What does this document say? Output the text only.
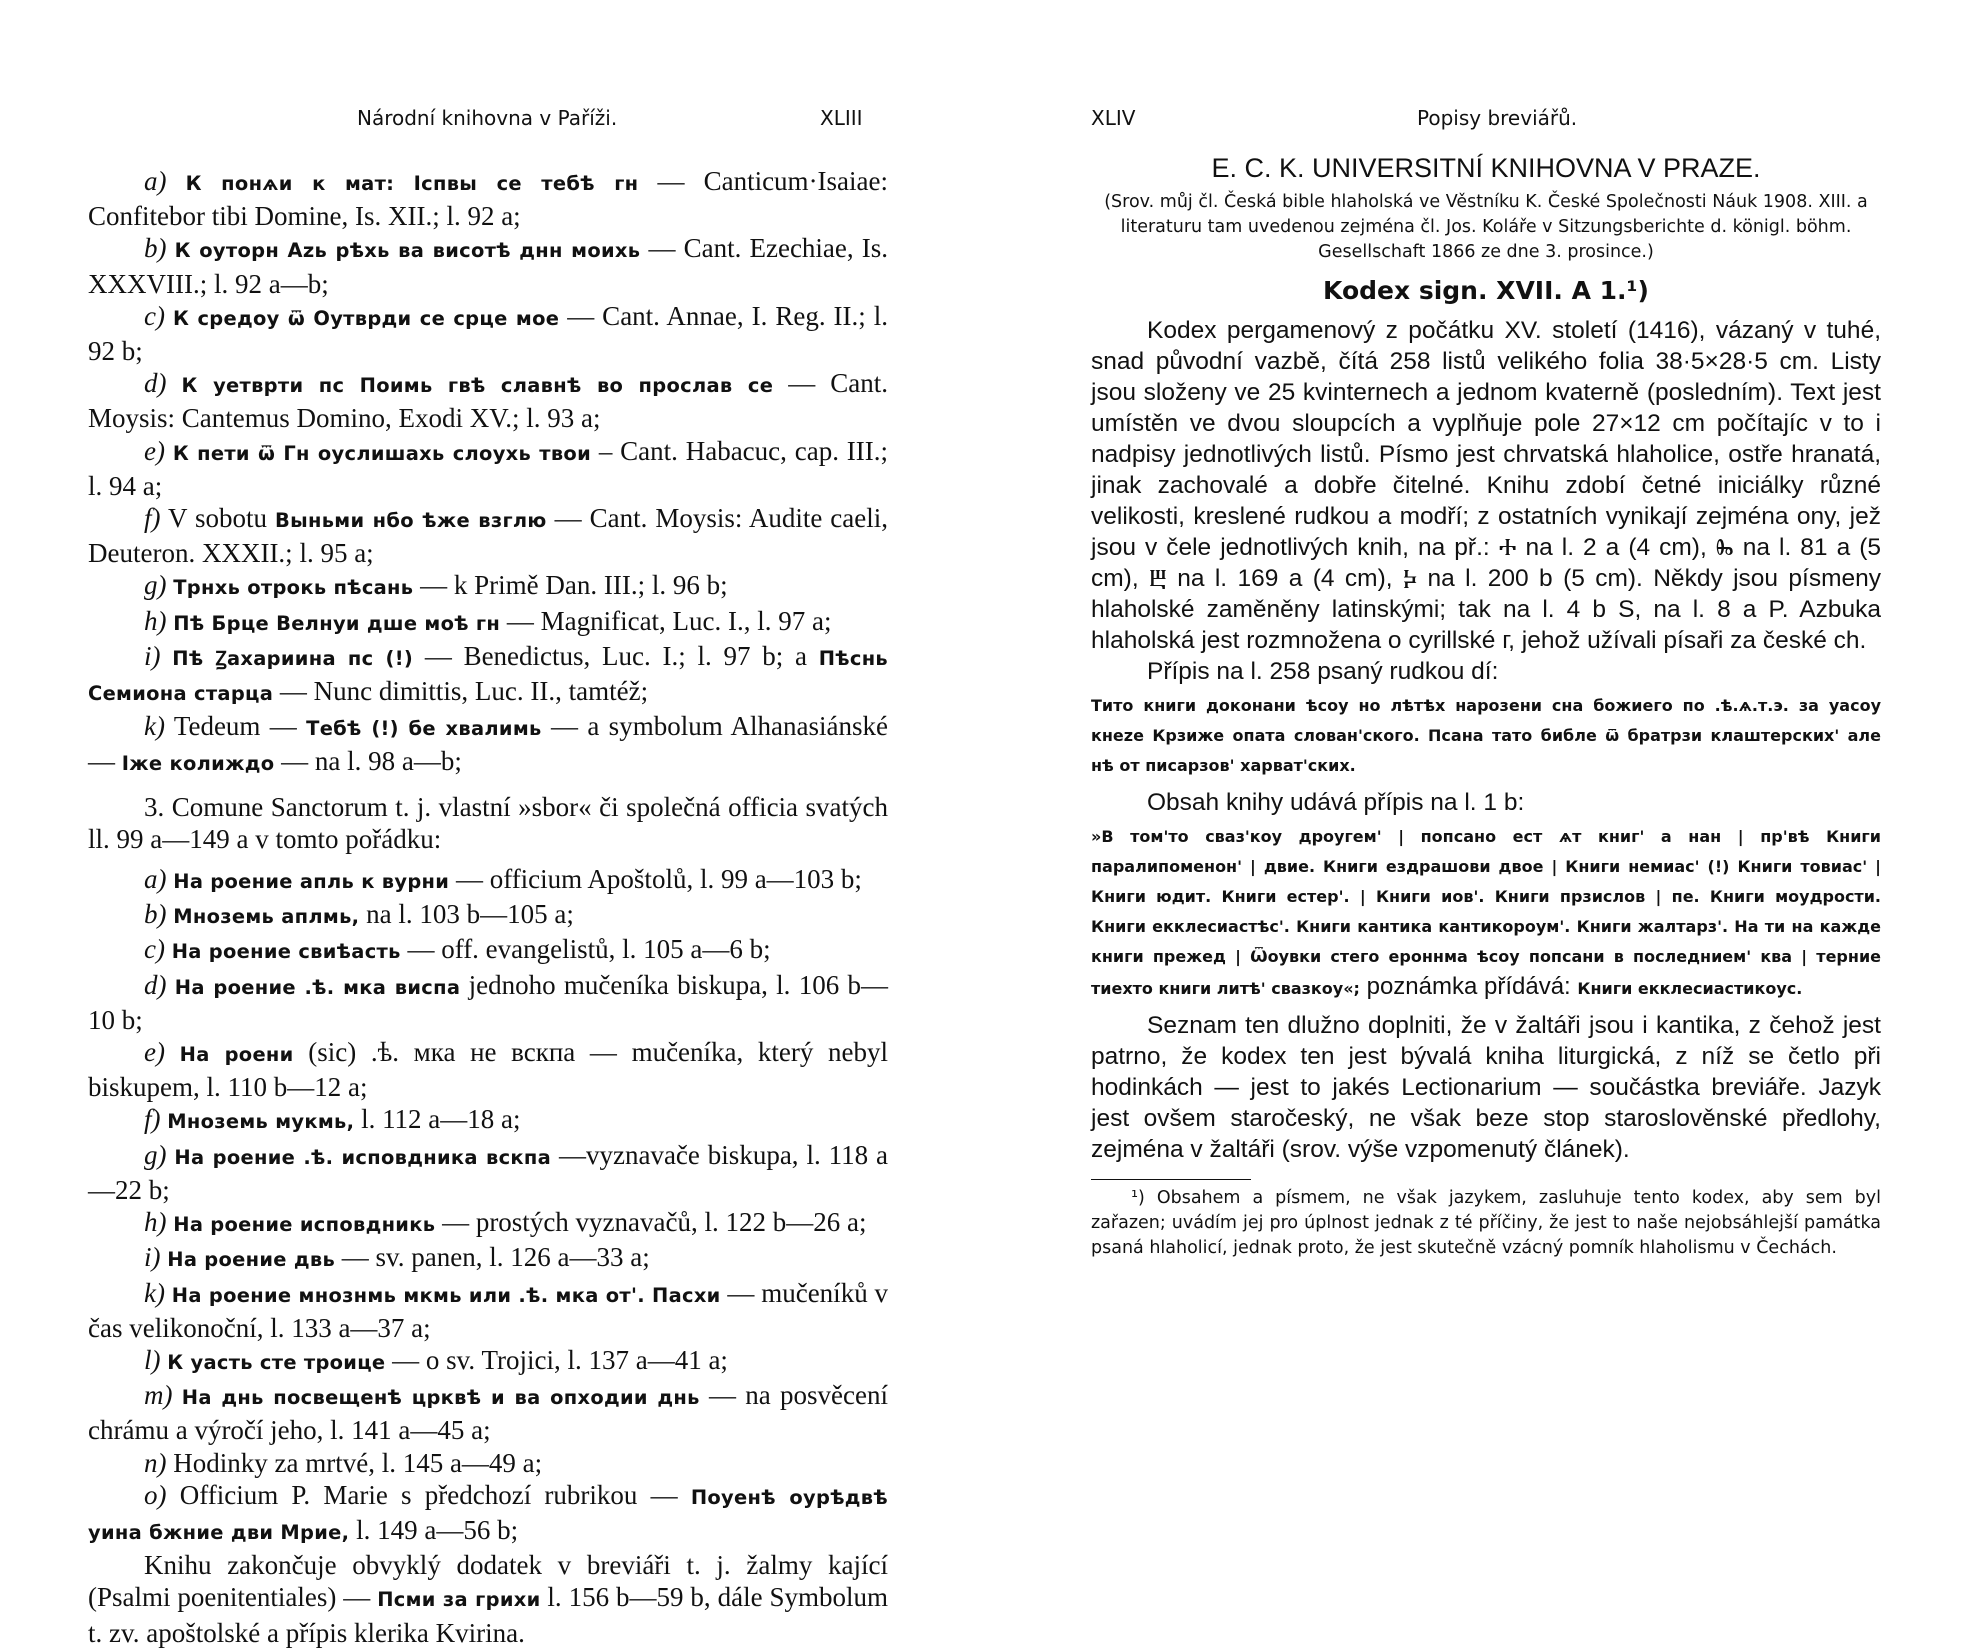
Národní knihovna v Paříži.	XLIII

a) К понѧи к мат: Іспвы се тебѣ гн — Canticum·Isaiae: Confitebor tibi Domine, Is. XII.; l. 92 a;

b) К оуторн Аzь рѣхь ва висотѣ днн моихь — Cant. Ezechiae, Is. XXXVIII.; l. 92 a—b;

c) К средоу ѿ Оутврди се срце мое — Cant. Annae, I. Reg. II.; l. 92 b;

d) К уетврти пс Поимь гвѣ славнѣ во прослав се — Cant. Moysis: Cantemus Domino, Exodi XV.; l. 93 a;

e) К пети ѿ Гн оуслишахь слоухь твои – Cant. Habacuc, cap. III.; l. 94 a;

f) V sobotu Выньми нбо ѣже взглю — Cant. Moysis: Audite caeli, Deuteron. XXXII.; l. 95 a;

g) Трнхь отрокь пѣсань — k Primě Dan. III.; l. 96 b;

h) Пѣ Брце Велнуи дше моѣ гн — Magnificat, Luc. I., l. 97 a;

i) Пѣ Ꙁахариина пс (!) — Benedictus, Luc. I.; l. 97 b; a Пѣснь Семиона старца — Nunc dimittis, Luc. II., tamtéž;

k) Tedeum — Тебѣ (!) бе хвалимь — a symbolum Alhanasiánské — Іже колиждо — na l. 98 a—b;

3. Comune Sanctorum t. j. vlastní »sbor« či společná officia svatých ll. 99 a—149 a v tomto pořádku:

a) На роение апль к вурни — officium Apoštolů, l. 99 a—103 b;

b) Мноземь аплмь, na l. 103 b—105 a;

c) На роение свиѣасть — off. evangelistů, l. 105 a—6 b;

d) На роение .ѣ. мка виспа jednoho mučeníka biskupa, l. 106 b—10 b;

e) На роени (sic) .ѣ. мка не вскпа — mučeníka, který nebyl biskupem, l. 110 b—12 a;

f) Мноземь мукмь, l. 112 a—18 a;

g) На роение .ѣ. исповдника вскпа —vyznavače biskupa, l. 118 a—22 b;

h) На роение исповдникь — prostých vyznavačů, l. 122 b—26 a;

i) На роение двь — sv. panen, l. 126 a—33 a;

k) На роение мнознмь мкмь или .ѣ. мка от'. Пасхи — mučeníků v čas velikonoční, l. 133 a—37 a;

l) К уасть сте троице — o sv. Trojici, l. 137 a—41 a;

m) На днь посвещенѣ црквѣ и ва опходии днь — na posvěcení chrámu a výročí jeho, l. 141 a—45 a;

n) Hodinky za mrtvé, l. 145 a—49 a;

o) Officium P. Marie s předchozí rubrikou — Поуенѣ оурѣдвѣ уина бжние дви Мрие, l. 149 a—56 b;

Knihu zakončuje obvyklý dodatek v breviáři t. j. žalmy kající (Psalmi poenitentiales) — Псми за грихи l. 156 b—59 b, dále Symbolum t. zv. apoštolské a přípis klerika Kvirina.

XLIV	Popisy breviářů.

E. C. K. UNIVERSITNÍ KNIHOVNA V PRAZE.

(Srov. můj čl. Česká bible hlaholská ve Věstníku K. České Společnosti Náuk 1908. XIII. a literaturu tam uvedenou zejména čl. Jos. Koláře v Sitzungsberichte d. königl. böhm. Gesellschaft 1866 ze dne 3. prosince.)

Kodex sign. XVII. A 1.¹)

Kodex pergamenový z počátku XV. století (1416), vázaný v tuhé, snad původní vazbě, čítá 258 listů velikého folia 38·5×28·5 cm. Listy jsou složeny ve 25 kvinternech a jednom kvaterně (posledním). Text jest umístěn ve dvou sloupcích a vyplňuje pole 27×12 cm počítajíc v to i nadpisy jednotlivých listů. Písmo jest chrvatská hlaholice, ostře hranatá, jinak zachovalé a dobře čitelné. Knihu zdobí četné iniciálky různé velikosti, kreslené rudkou a modří; z ostatních vynikají zejména ony, jež jsou v čele jednotlivých knih, na př.: Ⰰ na l. 2 a (4 cm), Ⰸ na l. 81 a (5 cm), Ⰱ na l. 169 a (4 cm), Ⰽ na l. 200 b (5 cm). Někdy jsou písmeny hlaholské zaměněny latinskými; tak na l. 4 b S, na l. 8 a P. Azbuka hlaholská jest rozmnožena o cyrillské г, jehož užívali písaři za české ch.

Přípis na l. 258 psaný rudkou dí:

Тито книги доконани ѣсоу но лѣтѣх нарозени сна божиего по .ѣ.ѧ.т.э. за уасоу кнеzе Крзиже опата слован'ского. Псана тато библе ѿ братрзи клаштерских' але нѣ от писарзов' харват'ских.

Obsah knihy udává přípis na l. 1 b:

»В том'то сваз'коу дроугем' | попсано ест ѧт книг' а нан | пр'вѣ Книги паралипоменон' | двие. Книги ездрашови двое | Книги немиас' (!) Книги товиас' | Книги юдит. Книги естер'. | Книги иов'. Книги прзислов | пе. Книги моудрости. Книги екклесиастѣс'. Книги кантика кантикороум'. Книги жалтарз'. На ти на кажде книги прежед | Ѿоувки стего ероннма ѣсоу попсани в последнием' ква | терние тиехто книги литѣ' свазкоу«; poznámka přídává: Книги екклесиастикоус.

Seznam ten dlužno doplniti, že v žaltáři jsou i kantika, z čehož jest patrno, že kodex ten jest bývalá kniha liturgická, z níž se četlo při hodinkách — jest to jakés Lectionarium — součástka breviáře. Jazyk jest ovšem staročeský, ne však beze stop staroslověnské předlohy, zejména v žaltáři (srov. výše vzpomenutý článek).

¹) Obsahem a písmem, ne však jazykem, zasluhuje tento kodex, aby sem byl zařazen; uvádím jej pro úplnost jednak z té příčiny, že jest to naše nejobsáhlejší památka psaná hlaholicí, jednak proto, že jest skutečně vzácný pomník hlaholismu v Čechách.
